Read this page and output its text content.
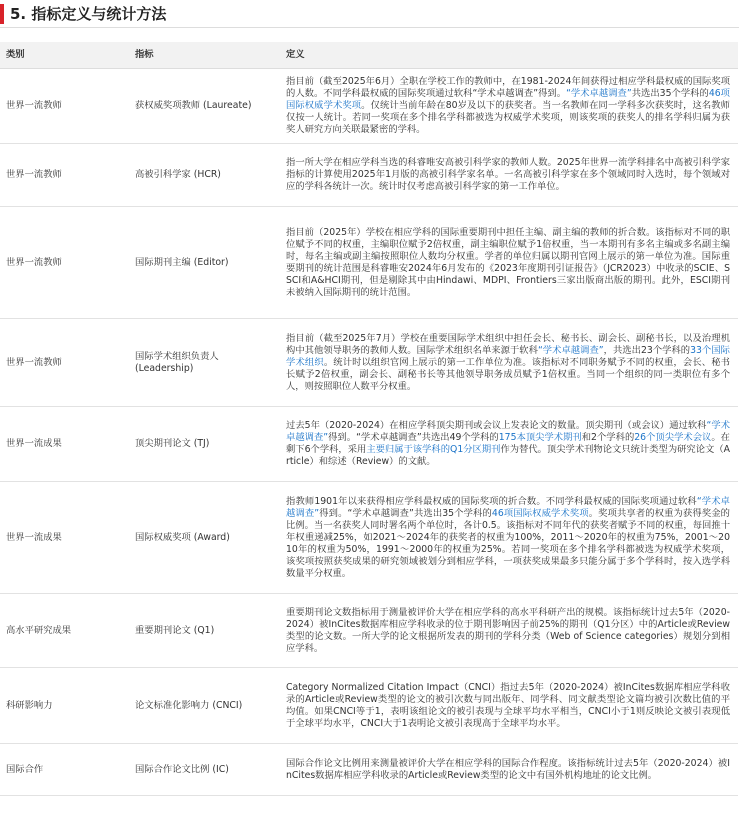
5. 指标定义与统计方法
类别	指标	定义
世界一流教师	获权威奖项教师 (Laureate)	指目前（截至2025年6月）全职在学校工作的教师中，在1981-2024年间获得过相应学科最权威的国际奖项的人数。不同学科最权威的国际奖项通过软科“学术卓越调查”得到。“学术卓越调查”共选出35个学科的46项国际权威学术奖项。仅统计当前年龄在80岁及以下的获奖者。当一名教师在同一学科多次获奖时，这名教师仅按一人统计。若同一奖项在多个排名学科都被选为权威学术奖项，则该奖项的获奖人的排名学科归属为获奖人研究方向关联最紧密的学科。
世界一流教师	高被引科学家 (HCR)	指一所大学在相应学科当选的科睿唯安高被引科学家的教师人数。2025年世界一流学科排名中高被引科学家指标的计算使用2025年1月版的高被引科学家名单。一名高被引科学家在多个领域同时入选时，每个领域对应的学科各统计一次。统计时仅考虑高被引科学家的第一工作单位。
世界一流教师	国际期刊主编 (Editor)	指目前（2025年）学校在相应学科的国际重要期刊中担任主编、副主编的教师的折合数。该指标对不同的职位赋予不同的权重，主编职位赋予2倍权重，副主编职位赋予1倍权重，当一本期刊有多名主编或多名副主编时，每名主编或副主编按照职位人数均分权重。学者的单位归属以期刊官网上展示的第一单位为准。国际重要期刊的统计范围是科睿唯安2024年6月发布的《2023年度期刊引证报告》（JCR2023）中收录的SCIE、SSCI和A&HCI期刊，但是剔除其中由Hindawi、MDPI、Frontiers三家出版商出版的期刊。此外，ESCI期刊未被纳入国际期刊的统计范围。
世界一流教师	国际学术组织负责人 (Leadership)	指目前（截至2025年7月）学校在重要国际学术组织中担任会长、秘书长、副会长、副秘书长，以及治理机构中其他领导职务的教师人数。国际学术组织名单来源于软科“学术卓越调查”，共选出23个学科的33个国际学术组织。统计时以组织官网上展示的第一工作单位为准。该指标对不同职务赋予不同的权重，会长、秘书长赋予2倍权重，副会长、副秘书长等其他领导职务成员赋予1倍权重。当同一个组织的同一类职位有多个人，则按照职位人数平分权重。
世界一流成果	顶尖期刊论文 (TJ)	过去5年（2020-2024）在相应学科顶尖期刊或会议上发表论文的数量。顶尖期刊（或会议）通过软科“学术卓越调查”得到。“学术卓越调查”共选出49个学科的175本顶尖学术期刊和2个学科的26个顶尖学术会议。在剩下6个学科，采用主要归属于该学科的Q1分区期刊作为替代。顶尖学术刊物论文只统计类型为研究论文（Article）和综述（Review）的文献。
世界一流成果	国际权威奖项 (Award)	指教师1901年以来获得相应学科最权威的国际奖项的折合数。不同学科最权威的国际奖项通过软科“学术卓越调查”得到。“学术卓越调查”共选出35个学科的46项国际权威学术奖项。奖项共享者的权重为获得奖金的比例。当一名获奖人同时署名两个单位时，各计0.5。该指标对不同年代的获奖者赋予不同的权重，每回推十年权重递减25%，如2021～2024年的获奖者的权重为100%，2011～2020年的权重为75%，2001～2010年的权重为50%，1991～2000年的权重为25%。若同一奖项在多个排名学科都被选为权威学术奖项，该奖项按照获奖成果的研究领域被划分到相应学科，一项获奖成果最多只能分属于多个学科时，按入选学科数量平分权重。
高水平研究成果	重要期刊论文 (Q1)	重要期刊论文数指标用于测量被评价大学在相应学科的高水平科研产出的规模。该指标统计过去5年（2020-2024）被InCites数据库相应学科收录的位于期刊影响因子前25%的期刊（Q1分区）中的Article或Review类型的论文数。一所大学的论文根据所发表的期刊的学科分类（Web of Science categories）规划分到相应学科。
科研影响力	论文标准化影响力 (CNCI)	Category Normalized Citation Impact（CNCI）指过去5年（2020-2024）被InCites数据库相应学科收录的Article或Review类型的论文的被引次数与同出版年、同学科、同文献类型论文篇均被引次数比值的平均值。如果CNCI等于1，表明该组论文的被引表现与全球平均水平相当，CNCI小于1则反映论文被引表现低于全球平均水平，CNCI大于1表明论文被引表现高于全球平均水平。
国际合作	国际合作论文比例 (IC)	国际合作论文比例用来测量被评价大学在相应学科的国际合作程度。该指标统计过去5年（2020-2024）被InCites数据库相应学科收录的Article或Review类型的论文中有国外机构地址的论文比例。
